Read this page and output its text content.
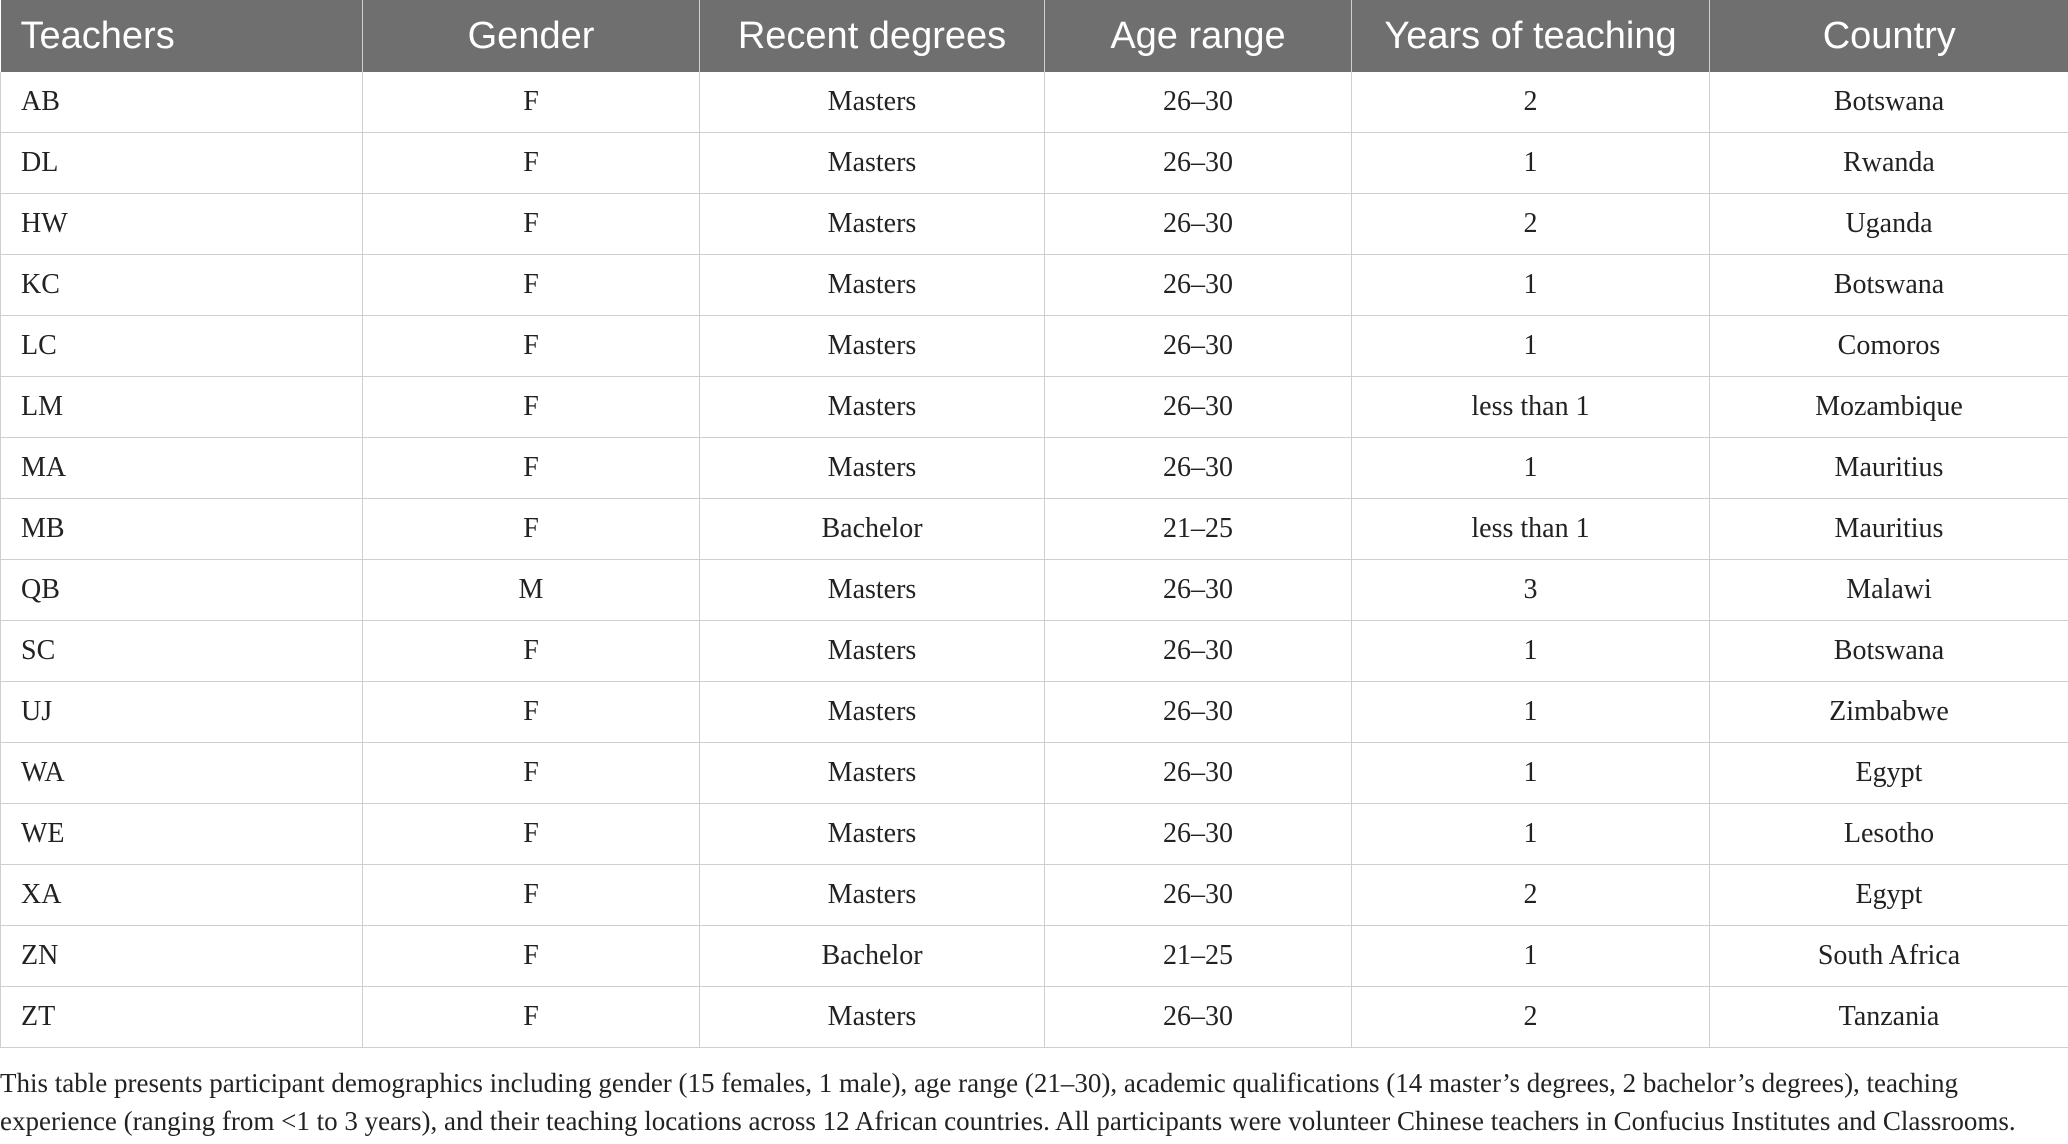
Teachers	Gender	Recent degrees	Age range	Years of teaching	Country
AB	F	Masters	26–30	2	Botswana
DL	F	Masters	26–30	1	Rwanda
HW	F	Masters	26–30	2	Uganda
KC	F	Masters	26–30	1	Botswana
LC	F	Masters	26–30	1	Comoros
LM	F	Masters	26–30	less than 1	Mozambique
MA	F	Masters	26–30	1	Mauritius
MB	F	Bachelor	21–25	less than 1	Mauritius
QB	M	Masters	26–30	3	Malawi
SC	F	Masters	26–30	1	Botswana
UJ	F	Masters	26–30	1	Zimbabwe
WA	F	Masters	26–30	1	Egypt
WE	F	Masters	26–30	1	Lesotho
XA	F	Masters	26–30	2	Egypt
ZN	F	Bachelor	21–25	1	South Africa
ZT	F	Masters	26–30	2	Tanzania

This table presents participant demographics including gender (15 females, 1 male), age range (21–30), academic qualifications (14 master’s degrees, 2 bachelor’s degrees), teaching experience (ranging from <1 to 3 years), and their teaching locations across 12 African countries. All participants were volunteer Chinese teachers in Confucius Institutes and Classrooms.
